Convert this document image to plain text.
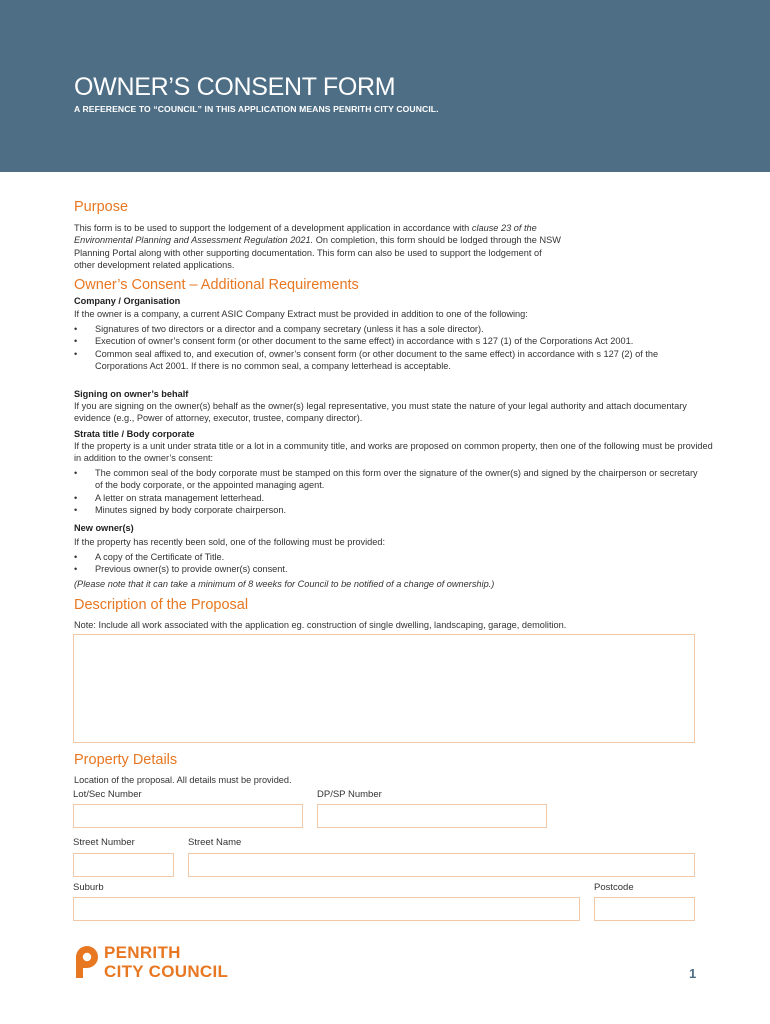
OWNER’S CONSENT FORM
A REFERENCE TO “COUNCIL” IN THIS APPLICATION MEANS PENRITH CITY COUNCIL.
Purpose
This form is to be used to support the lodgement of a development application in accordance with clause 23 of the
Environmental Planning and Assessment Regulation 2021. On completion, this form should be lodged through the NSW
Planning Portal along with other supporting documentation. This form can also be used to support the lodgement of
other development related applications.
Owner’s Consent – Additional Requirements
Company / Organisation
If the owner is a company, a current ASIC Company Extract must be provided in addition to one of the following:
• Signatures of two directors or a director and a company secretary (unless it has a sole director).
• Execution of owner’s consent form (or other document to the same effect) in accordance with s 127 (1) of the Corporations Act 2001.
• Common seal affixed to, and execution of, owner’s consent form (or other document to the same effect) in accordance with s 127 (2) of the Corporations Act 2001. If there is no common seal, a company letterhead is acceptable.
Signing on owner’s behalf
If you are signing on the owner(s) behalf as the owner(s) legal representative, you must state the nature of your legal authority and attach documentary evidence (e.g., Power of attorney, executor, trustee, company director).
Strata title / Body corporate
If the property is a unit under strata title or a lot in a community title, and works are proposed on common property, then one of the following must be provided in addition to the owner’s consent:
• The common seal of the body corporate must be stamped on this form over the signature of the owner(s) and signed by the chairperson or secretary of the body corporate, or the appointed managing agent.
• A letter on strata management letterhead.
• Minutes signed by body corporate chairperson.
New owner(s)
If the property has recently been sold, one of the following must be provided:
• A copy of the Certificate of Title.
• Previous owner(s) to provide owner(s) consent.
(Please note that it can take a minimum of 8 weeks for Council to be notified of a change of ownership.)
Description of the Proposal
Note: Include all work associated with the application eg. construction of single dwelling, landscaping, garage, demolition.
Property Details
Location of the proposal. All details must be provided.
Lot/Sec Number	DP/SP Number
Street Number	Street Name
Suburb	Postcode
PENRITH
CITY COUNCIL	1
